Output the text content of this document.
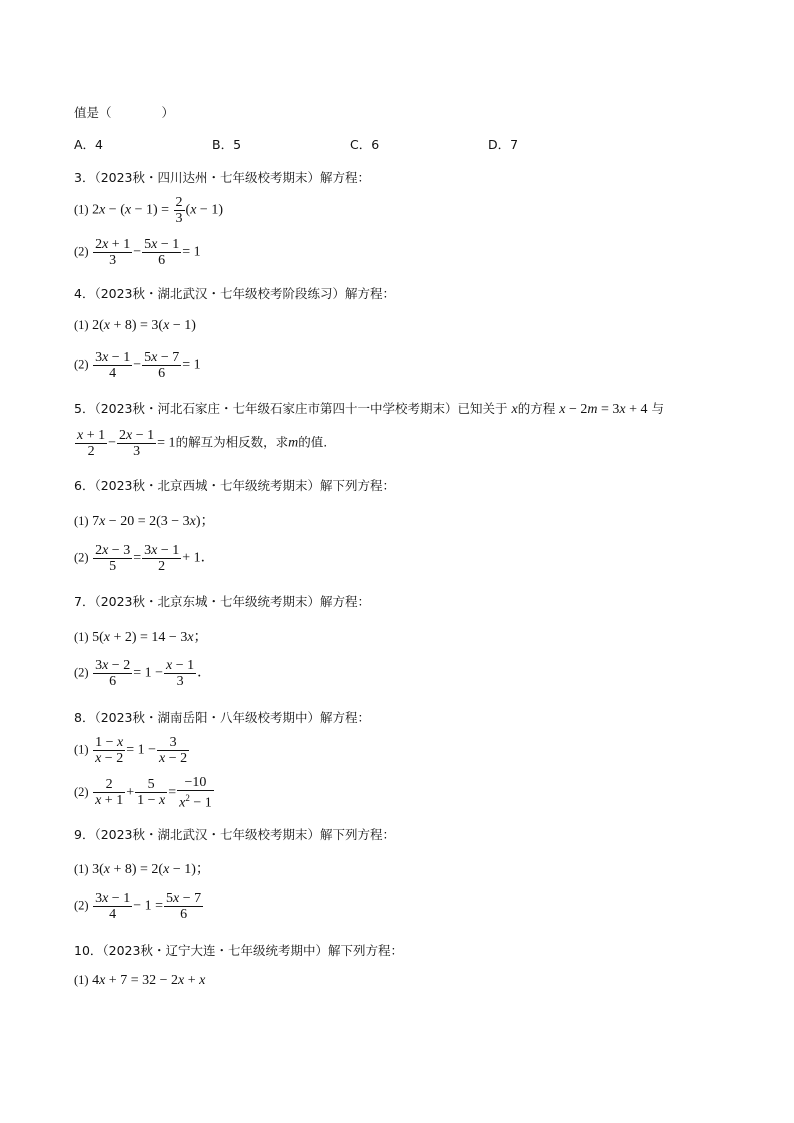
值是（　　　　）
A．4	B．5	C．6	D．7
3．（2023秋・四川达州・七年级校考期末）解方程：
(1) $2x - (x - 1) = \frac{2}{3} (x - 1)$
$(2) \frac{2x + 1}{3} - \frac{5x - 1}{6} = 1$
4．（2023秋・湖北武汉・七年级校考阶段练习）解方程：
(1) 2(x + 8) = 3(x − 1)
$(2) \frac{3x - 1}{4} - \frac{5x - 7}{6} = 1$
5．（2023秋・河北石家庄・七年级石家庄市第四十一中学校考期末）已知关于 x的方程 x − 2m = 3x + 4 与
$\frac{x + 1}{2} - \frac{2x - 1}{3} = 1$的解互为相反数，求m的值.
6．（2023秋・北京西城・七年级统考期末）解下列方程：
(1) 7x − 20 = 2(3 − 3x)；
$(2) \frac{2x - 3}{5} = \frac{3x - 1}{2} + 1$．
7．（2023秋・北京东城・七年级统考期末）解方程：
(1) 5(x + 2) = 14 − 3x；
$(2) \frac{3x - 2}{6} = 1 - \frac{x - 1}{3}$ ．
8．（2023秋・湖南岳阳・八年级校考期中）解方程：
$(1) \frac{1 - x}{x - 2} = 1 - \frac{3}{x - 2}$
$(2) \frac{2}{x + 1} + \frac{5}{1 - x} = \frac{-10}{x^2 - 1}$
9．（2023秋・湖北武汉・七年级校考期末）解下列方程：
(1) 3(x + 8) = 2(x − 1)；
$(2) \frac{3x - 1}{4} - 1 = \frac{5x - 7}{6}$
10．（2023秋・辽宁大连・七年级统考期中）解下列方程：
(1) 4x + 7 = 32 − 2x + x
